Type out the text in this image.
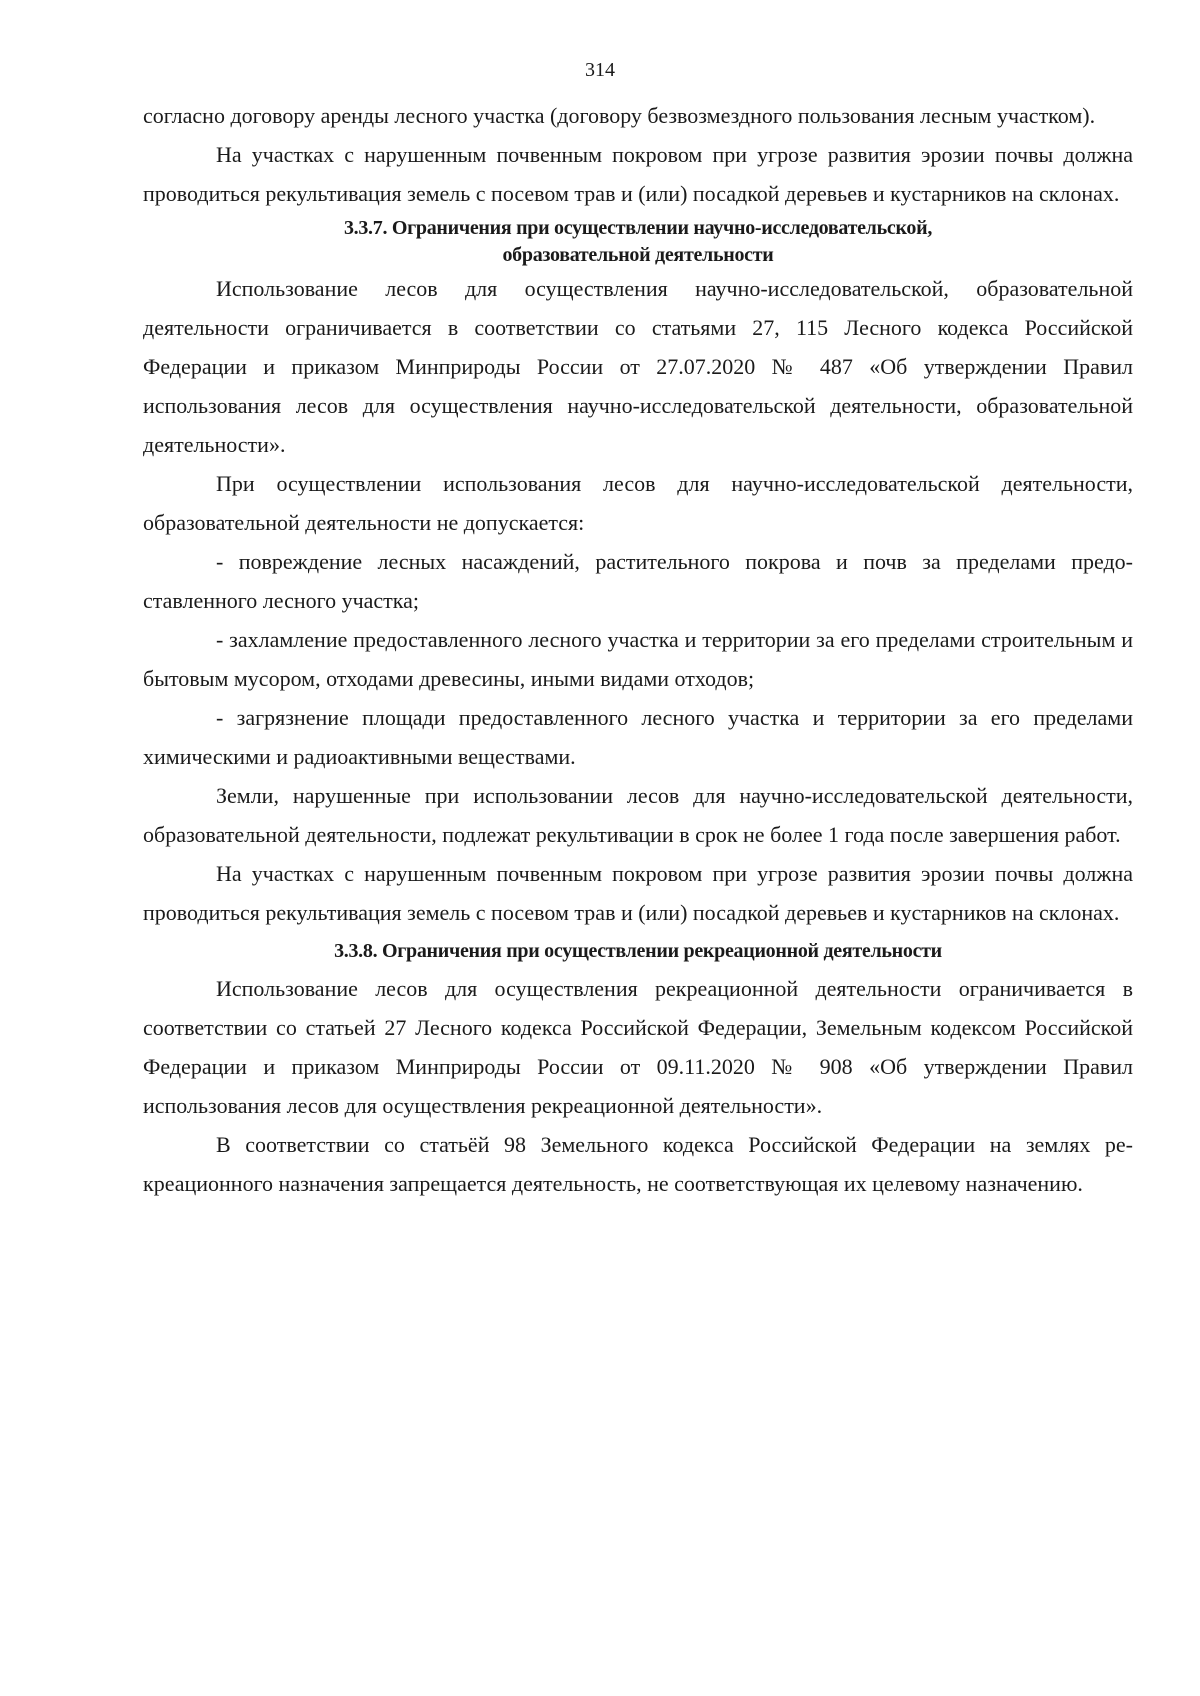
314

согласно договору аренды лесного участка (договору безвозмездного пользования лесным участком).

На участках с нарушенным почвенным покровом при угрозе развития эрозии почвы должна проводиться рекультивация земель с посевом трав и (или) посадкой деревьев и кустарников на склонах.

3.3.7. Ограничения при осуществлении научно-исследовательской,
образовательной деятельности

Использование лесов для осуществления научно-исследовательской, образовательной деятельности ограничивается в соответствии со статьями 27, 115 Лесного кодекса Российской Федерации и приказом Минприроды России от 27.07.2020 № 487 «Об утверждении Правил использования лесов для осуществления научно-исследовательской деятельности, образовательной деятельности».

При осуществлении использования лесов для научно-исследовательской деятельности, образовательной деятельности не допускается:

- повреждение лесных насаждений, растительного покрова и почв за пределами предоставленного лесного участка;

- захламление предоставленного лесного участка и территории за его пределами строительным и бытовым мусором, отходами древесины, иными видами отходов;

- загрязнение площади предоставленного лесного участка и территории за его пределами химическими и радиоактивными веществами.

Земли, нарушенные при использовании лесов для научно-исследовательской деятельности, образовательной деятельности, подлежат рекультивации в срок не более 1 года после завершения работ.

На участках с нарушенным почвенным покровом при угрозе развития эрозии почвы должна проводиться рекультивация земель с посевом трав и (или) посадкой деревьев и кустарников на склонах.

3.3.8. Ограничения при осуществлении рекреационной деятельности

Использование лесов для осуществления рекреационной деятельности ограничивается в соответствии со статьей 27 Лесного кодекса Российской Федерации, Земельным кодексом Российской Федерации и приказом Минприроды России от 09.11.2020 № 908 «Об утверждении Правил использования лесов для осуществления рекреационной деятельности».

В соответствии со статьёй 98 Земельного кодекса Российской Федерации на землях рекреационного назначения запрещается деятельность, не соответствующая их целевому назначению.
